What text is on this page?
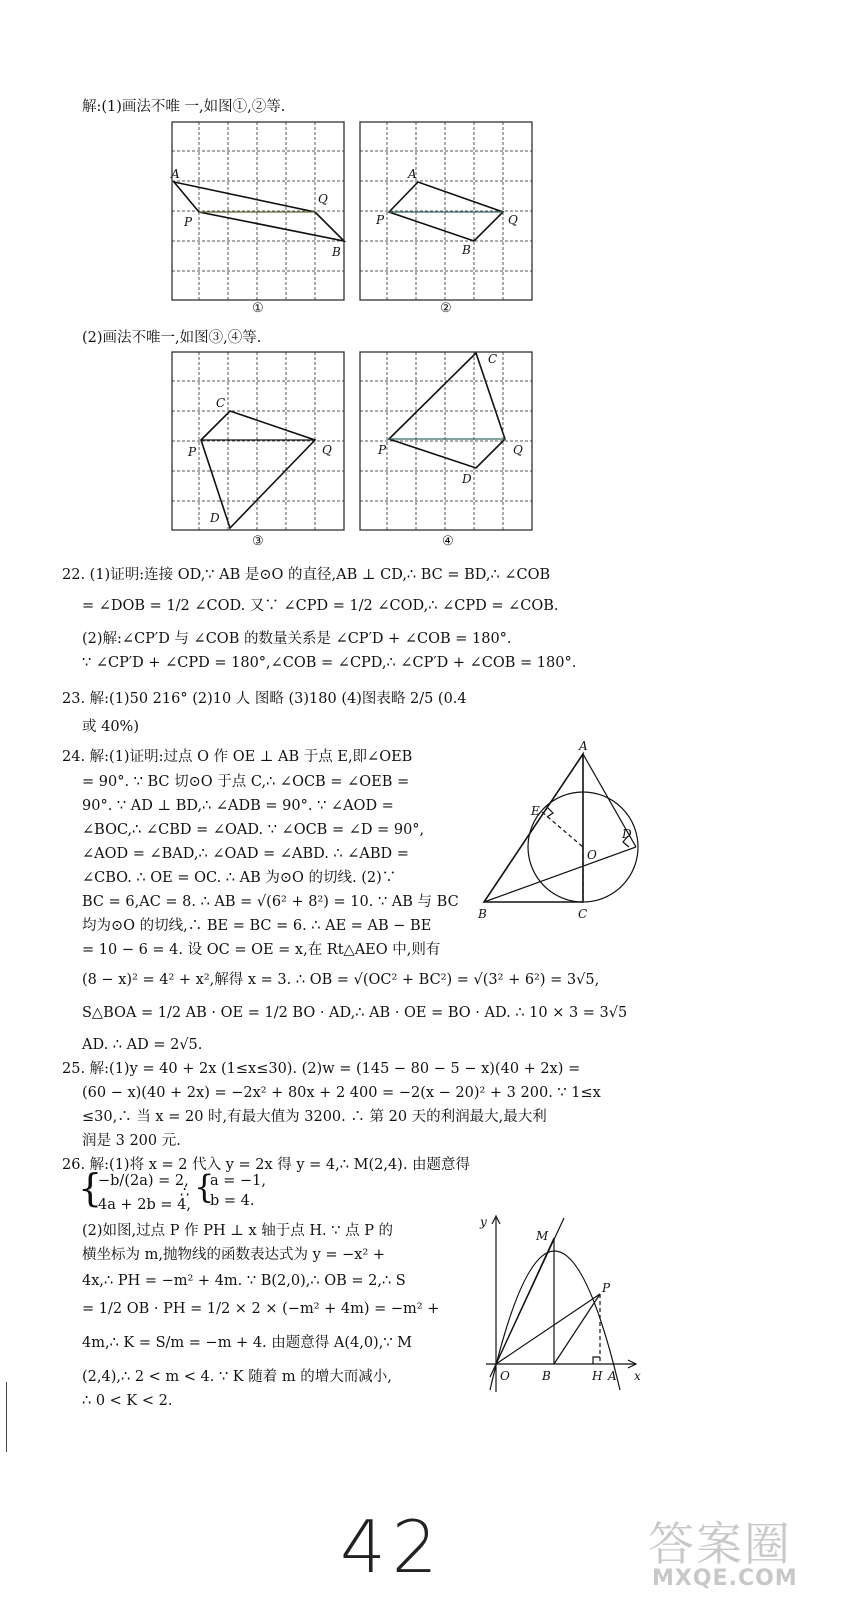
解:(1)画法不唯 一,如图①,②等.
A
P
Q
B
①
A
P	Q
B
②
(2)画法不唯一,如图③,④等.
C
P	Q
D
③
C
P	Q
D
④
22. (1)证明:连接 OD,∵ AB 是⊙O 的直径,AB ⊥ CD,∴ BC = BD,∴ ∠COB
= ∠DOB = 1/2 ∠COD. 又∵ ∠CPD = 1/2 ∠COD,∴ ∠CPD = ∠COB.
(2)解:∠CP′D 与 ∠COB 的数量关系是 ∠CP′D + ∠COB = 180°.
∵ ∠CP′D + ∠CPD = 180°,∠COB = ∠CPD,∴ ∠CP′D + ∠COB = 180°.
23. 解:(1)50 216° (2)10 人 图略 (3)180 (4)图表略 2/5 (0.4
或 40%)
24. 解:(1)证明:过点 O 作 OE ⊥ AB 于点 E,即∠OEB
= 90°. ∵ BC 切⊙O 于点 C,∴ ∠OCB = ∠OEB =
90°. ∵ AD ⊥ BD,∴ ∠ADB = 90°. ∵ ∠AOD =
∠BOC,∴ ∠CBD = ∠OAD. ∵ ∠OCB = ∠D = 90°,
∠AOD = ∠BAD,∴ ∠OAD = ∠ABD. ∴ ∠ABD =
∠CBO. ∴ OE = OC. ∴ AB 为⊙O 的切线. (2)∵
BC = 6,AC = 8. ∴ AB = √(6² + 8²) = 10. ∵ AB 与 BC
均为⊙O 的切线,∴ BE = BC = 6. ∴ AE = AB − BE
= 10 − 6 = 4. 设 OC = OE = x,在 Rt△AEO 中,则有
(8 − x)² = 4² + x²,解得 x = 3. ∴ OB = √(OC² + BC²) = √(3² + 6²) = 3√5,
S△BOA = 1/2 AB · OE = 1/2 BO · AD,∴ AB · OE = BO · AD. ∴ 10 × 3 = 3√5
AD. ∴ AD = 2√5.
A
E
D
O
B	C
25. 解:(1)y = 40 + 2x (1≤x≤30). (2)w = (145 − 80 − 5 − x)(40 + 2x) =
(60 − x)(40 + 2x) = −2x² + 80x + 2 400 = −2(x − 20)² + 3 200. ∵ 1≤x
≤30,∴ 当 x = 20 时,有最大值为 3200. ∴ 第 20 天的利润最大,最大利
润是 3 200 元.
26. 解:(1)将 x = 2 代入 y = 2x 得 y = 4,∴ M(2,4). 由题意得
{
−b/(2a) = 2,
4a + 2b = 4,
∴ {
a = −1,
b = 4.
(2)如图,过点 P 作 PH ⊥ x 轴于点 H. ∵ 点 P 的
横坐标为 m,抛物线的函数表达式为 y = −x² +
4x,∴ PH = −m² + 4m. ∵ B(2,0),∴ OB = 2,∴ S
= 1/2 OB · PH = 1/2 × 2 × (−m² + 4m) = −m² +
4m,∴ K = S/m = −m + 4. 由题意得 A(4,0),∵ M
(2,4),∴ 2 < m < 4. ∵ K 随着 m 的增大而减小,
∴ 0 < K < 2.
y
M
P
O	B	H A x
42	答案圈
MXQE.COM
